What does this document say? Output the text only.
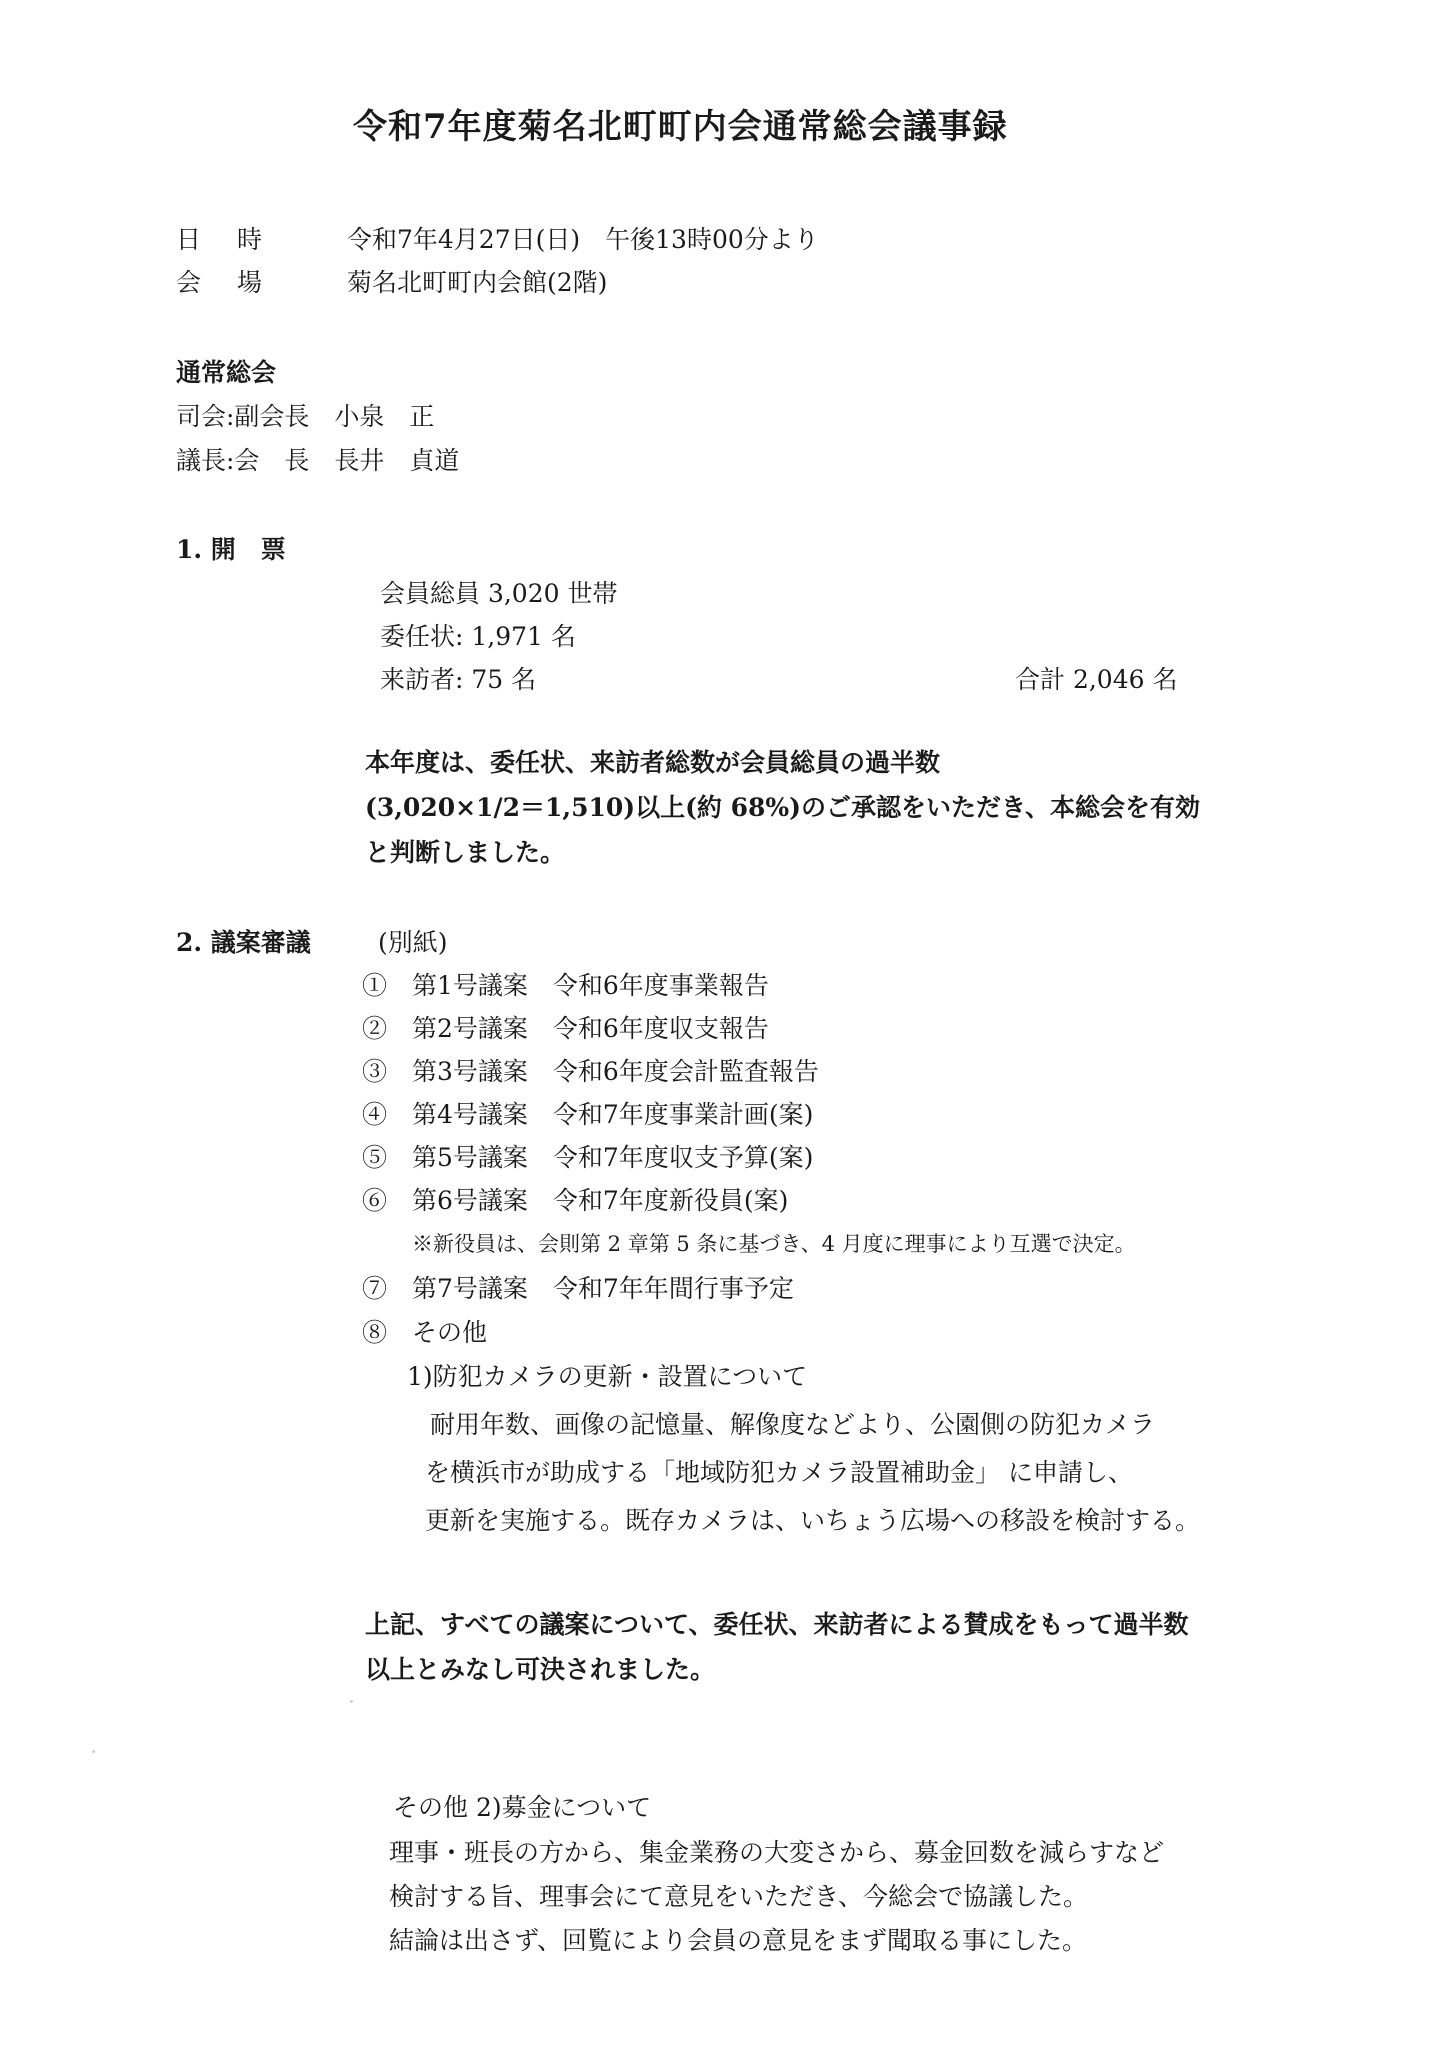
令和7年度菊名北町町内会通常総会議事録
日 時	令和7年4月27日(日)　午後13時00分より
会 場	菊名北町町内会館(2階)
通常総会
司会:副会長　小泉　正
議長:会　長　長井　貞道
1. 開　票
会員総員 3,020 世帯
委任状: 1,971 名
来訪者: 75 名	合計 2,046 名
本年度は、委任状、来訪者総数が会員総員の過半数
(3,020×1/2＝1,510)以上(約 68%)のご承認をいただき、本総会を有効
と判断しました。
2. 議案審議	(別紙)
①　第1号議案　令和6年度事業報告
②　第2号議案　令和6年度収支報告
③　第3号議案　令和6年度会計監査報告
④　第4号議案　令和7年度事業計画(案)
⑤　第5号議案　令和7年度収支予算(案)
⑥　第6号議案　令和7年度新役員(案)
※新役員は、会則第 2 章第 5 条に基づき、4 月度に理事により互選で決定。
⑦　第7号議案　令和7年年間行事予定
⑧　その他
1)防犯カメラの更新・設置について
耐用年数、画像の記憶量、解像度などより、公園側の防犯カメラ
を横浜市が助成する「地域防犯カメラ設置補助金」 に申請し、
更新を実施する。既存カメラは、いちょう広場への移設を検討する。
上記、すべての議案について、委任状、来訪者による賛成をもって過半数
以上とみなし可決されました。
その他 2)募金について
理事・班長の方から、集金業務の大変さから、募金回数を減らすなど
検討する旨、理事会にて意見をいただき、今総会で協議した。
結論は出さず、回覧により会員の意見をまず聞取る事にした。
